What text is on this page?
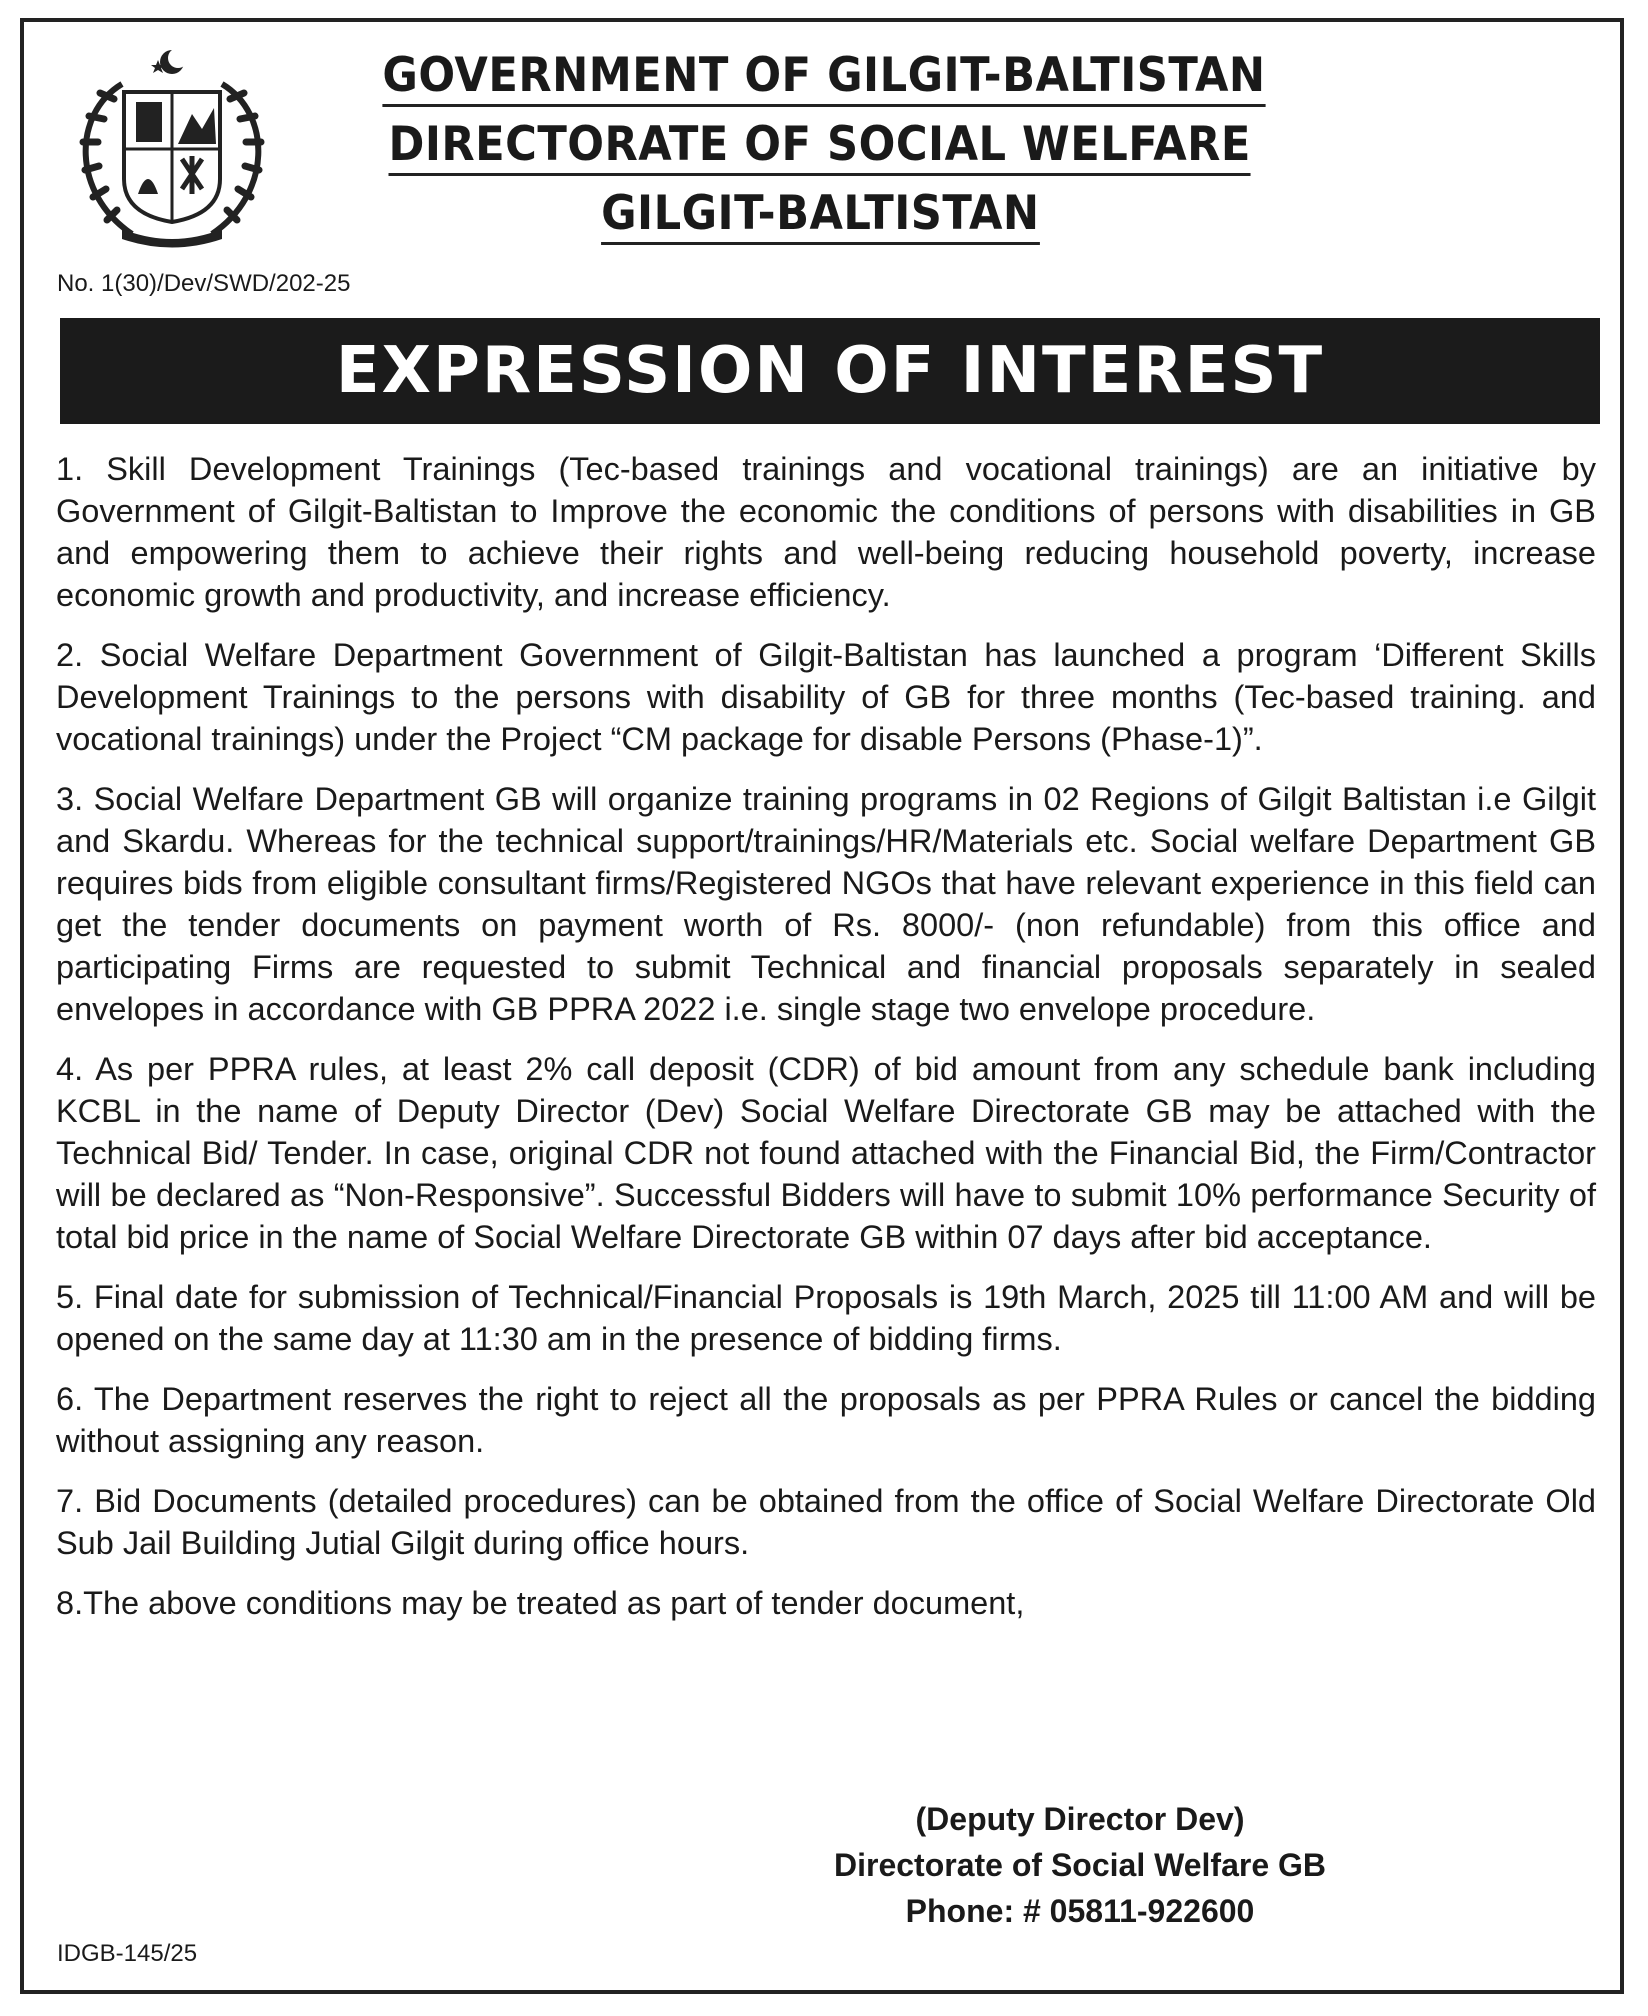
GOVERNMENT OF GILGIT-BALTISTAN
DIRECTORATE OF SOCIAL WELFARE
GILGIT-BALTISTAN
No. 1(30)/Dev/SWD/202-25
EXPRESSION OF INTEREST

1. Skill Development Trainings (Tec-based trainings and vocational trainings) are an initiative by Government of Gilgit-Baltistan to Improve the economic the conditions of persons with disabilities in GB and empowering them to achieve their rights and well-being reducing household poverty, increase economic growth and productivity, and increase efficiency.

2. Social Welfare Department Government of Gilgit-Baltistan has launched a program ‘Different Skills Development Trainings to the persons with disability of GB for three months (Tec-based training. and vocational trainings) under the Project “CM package for disable Persons (Phase-1)”.

3. Social Welfare Department GB will organize training programs in 02 Regions of Gilgit Baltistan i.e Gilgit and Skardu. Whereas for the technical support/trainings/HR/Materials etc. Social welfare Department GB requires bids from eligible consultant firms/Registered NGOs that have relevant experience in this field can get the tender documents on payment worth of Rs. 8000/- (non refundable) from this office and participating Firms are requested to submit Technical and financial proposals separately in sealed envelopes in accordance with GB PPRA 2022 i.e. single stage two envelope procedure.

4. As per PPRA rules, at least 2% call deposit (CDR) of bid amount from any schedule bank including KCBL in the name of Deputy Director (Dev) Social Welfare Directorate GB may be attached with the Technical Bid/ Tender. In case, original CDR not found attached with the Financial Bid, the Firm/Contractor will be declared as “Non-Responsive”. Successful Bidders will have to submit 10% performance Security of total bid price in the name of Social Welfare Directorate GB within 07 days after bid acceptance.

5. Final date for submission of Technical/Financial Proposals is 19th March, 2025 till 11:00 AM and will be opened on the same day at 11:30 am in the presence of bidding firms.

6. The Department reserves the right to reject all the proposals as per PPRA Rules or cancel the bidding without assigning any reason.

7. Bid Documents (detailed procedures) can be obtained from the office of Social Welfare Directorate Old Sub Jail Building Jutial Gilgit during office hours.

8.The above conditions may be treated as part of tender document,

(Deputy Director Dev)
Directorate of Social Welfare GB
Phone: # 05811-922600
IDGB-145/25
